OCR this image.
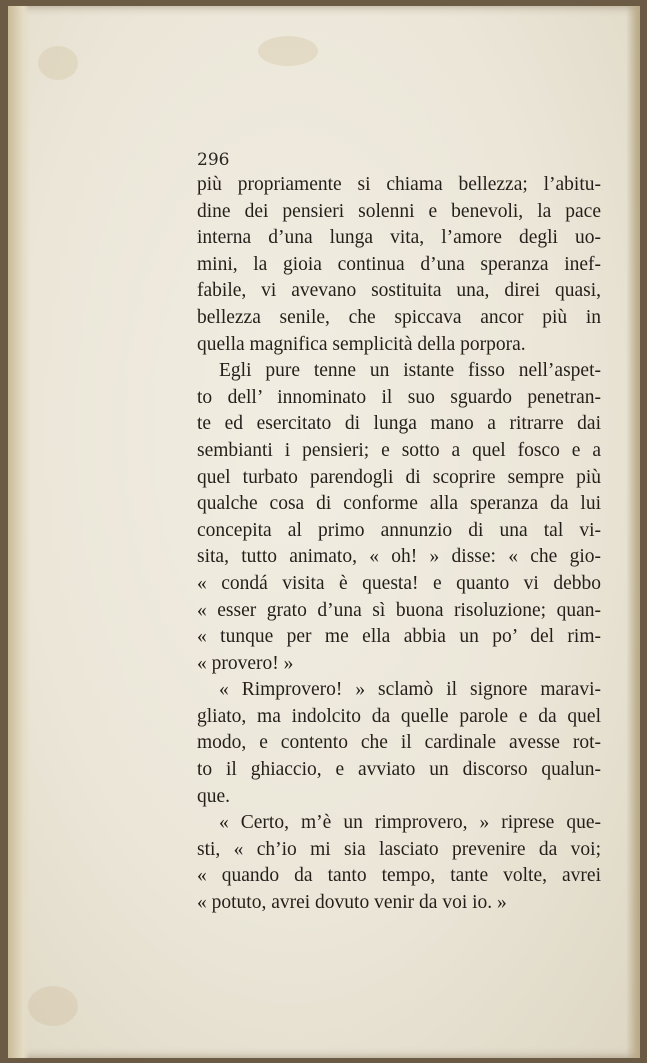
296
più propriamente si chiama bellezza; l’abitu-
dine dei pensieri solenni e benevoli, la pace
interna d’una lunga vita, l’amore degli uo-
mini, la gioia continua d’una speranza inef-
fabile, vi avevano sostituita una, direi quasi,
bellezza senile, che spiccava ancor più in
quella magnifica semplicità della porpora.
Egli pure tenne un istante fisso nell’aspet-
to dell’ innominato il suo sguardo penetran-
te ed esercitato di lunga mano a ritrarre dai
sembianti i pensieri; e sotto a quel fosco e a
quel turbato parendogli di scoprire sempre più
qualche cosa di conforme alla speranza da lui
concepita al primo annunzio di una tal vi-
sita, tutto animato, « oh! » disse: « che gio-
« condá visita è questa! e quanto vi debbo
« esser grato d’una sì buona risoluzione; quan-
« tunque per me ella abbia un po’ del rim-
« provero! »
« Rimprovero! » sclamò il signore maravi-
gliato, ma indolcito da quelle parole e da quel
modo, e contento che il cardinale avesse rot-
to il ghiaccio, e avviato un discorso qualun-
que.
« Certo, m’è un rimprovero, » riprese que-
sti, « ch’io mi sia lasciato prevenire da voi;
« quando da tanto tempo, tante volte, avrei
« potuto, avrei dovuto venir da voi io. »
